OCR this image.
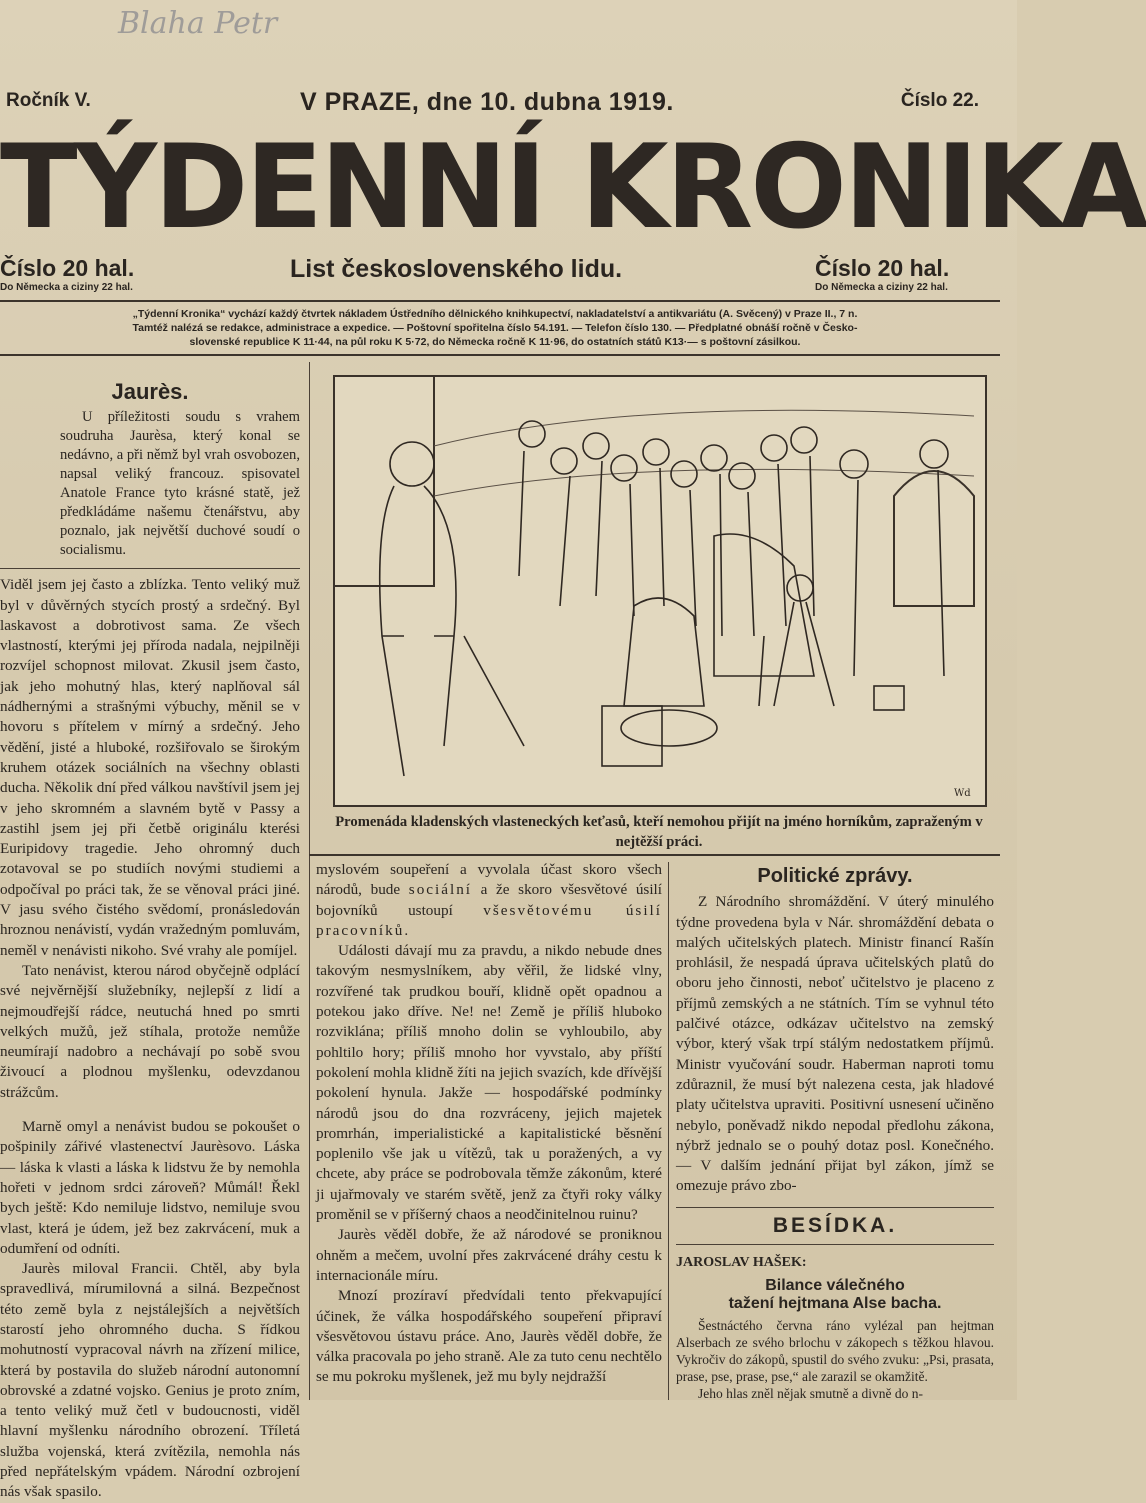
Blaha Petr
Ročník V.	V PRAZE, dne 10. dubna 1919.	Číslo 22.
TÝDENNÍ KRONIKA
Číslo 20 hal.
Do Německa a ciziny 22 hal.
List československého lidu.	Číslo 20 hal.
Do Německa a ciziny 22 hal.
„Týdenní Kronika“ vychází každý čtvrtek nákladem Ústředního dělnického knihkupectví, nakladatelství a antikvariátu (A. Svěcený) v Praze II., 7 n.
Tamtéž nalézá se redakce, administrace a expedice. — Poštovní spořitelna číslo 54.191. — Telefon číslo 130. — Předplatné obnáší ročně v Česko-
slovenské republice K 11·44, na půl roku K 5·72, do Německa ročně K 11·96, do ostatních států K13·— s poštovní zásilkou.
Jaurès.

U příležitosti soudu s vrahem soudruha Jaurèsa, který konal se nedávno, a při němž byl vrah osvobozen, napsal veliký francouz. spisovatel Anatole France tyto krásné statě, jež předkládáme našemu čtenářstvu, aby poznalo, jak největší duchové soudí o socialismu.

Viděl jsem jej často a zblízka. Tento veliký muž byl v důvěrných stycích prostý a srdečný. Byl laskavost a dobrotivost sama. Ze všech vlastností, kterými jej příroda nadala, nejpilněji rozvíjel schopnost milovat. Zkusil jsem často, jak jeho mohutný hlas, který naplňoval sál nádhernými a strašnými výbuchy, měnil se v hovoru s přítelem v mírný a srdečný. Jeho vědění, jisté a hluboké, rozšiřovalo se širokým kruhem otázek sociálních na všechny oblasti ducha. Několik dní před válkou navštívil jsem jej v jeho skromném a slavném bytě v Passy a zastihl jsem jej při četbě originálu kterési Euripidovy tragedie. Jeho ohromný duch zotavoval se po studiích novými studiemi a odpočíval po práci tak, že se věnoval práci jiné. V jasu svého čistého svědomí, pronásledován hroznou nenávistí, vydán vražedným pomluvám, neměl v nenávisti nikoho. Své vrahy ale pomíjel.

Tato nenávist, kterou národ obyčejně odplácí své nejvěrnější služebníky, nejlepší z lidí a nejmoudřejší rádce, neutuchá hned po smrti velkých mužů, jež stíhala, protože nemůže neumírají nadobro a nechávají po sobě svou živoucí a plodnou myšlenku, odevzdanou strážcům.

Marně omyl a nenávist budou se pokoušet o pošpinily zářivé vlastenectví Jaurèsovo. Láska — láska k vlasti a láska k lidstvu že by nemohla hořeti v jednom srdci zároveň? Můmál! Řekl bych ještě: Kdo nemiluje lidstvo, nemiluje svou vlast, která je údem, jež bez zakrvácení, muk a odumření od odníti.

Jaurès miloval Francii. Chtěl, aby byla spravedlivá, mírumilovná a silná. Bezpečnost této země byla z nejstálejších a největších starostí jeho ohromného ducha. S řídkou mohutností vypracoval návrh na zřízení milice, která by postavila do služeb národní autonomní obrovské a zdatné vojsko. Genius je proto zním, a tento veliký muž četl v budoucnosti, viděl hlavní myšlenku národního obrození. Tříletá služba vojenská, která zvítězila, nemohla nás před nepřátelským vpádem. Národní ozbrojení nás však spasilo.

Wd
Promenáda kladenských vlasteneckých keťasů, kteří nemohou přijít na jméno horníkům, zapraženým v nejtěžší práci.

myslovém soupeření a vyvolala účast skoro všech národů, bude sociální a že skoro všesvětové úsilí bojovníků ustoupí všesvětovému úsilí pracovníků.

Události dávají mu za pravdu, a nikdo nebude dnes takovým nesmyslníkem, aby věřil, že lidské vlny, rozvířené tak prudkou bouří, klidně opět opadnou a potekou jako dříve. Ne! ne! Země je příliš hluboko rozviklána; příliš mnoho dolin se vyhloubilo, aby pohltilo hory; příliš mnoho hor vyvstalo, aby příští pokolení mohla klidně žíti na jejich svazích, kde dřívější pokolení hynula. Jakže — hospodářské podmínky národů jsou do dna rozvráceny, jejich majetek promrhán, imperialistické a kapitalistické běsnění poplenilo vše jak u vítězů, tak u poražených, a vy chcete, aby práce se podrobovala těmže zákonům, které ji ujařmovaly ve starém světě, jenž za čtyři roky války proměnil se v příšerný chaos a neodčinitelnou ruinu?

Jaurès věděl dobře, že až národové se proniknou ohněm a mečem, uvolní přes zakrvácené dráhy cestu k internacionále míru.

Mnozí prozíraví předvídali tento překvapující účinek, že válka hospodářského soupeření připraví všesvětovou ústavu práce. Ano, Jaurès věděl dobře, že válka pracovala po jeho straně. Ale za tuto cenu nechtělo se mu pokroku myšlenek, jež mu byly nejdražší

Politické zprávy.

Z Národního shromáždění. V úterý minulého týdne provedena byla v Nár. shromáždění debata o malých učitelských platech. Ministr financí Rašín prohlásil, že nespadá úprava učitelských platů do oboru jeho činnosti, neboť učitelstvo je placeno z příjmů zemských a ne státních. Tím se vyhnul této palčivé otázce, odkázav učitelstvo na zemský výbor, který však trpí stálým nedostatkem příjmů. Ministr vyučování soudr. Haberman naproti tomu zdůraznil, že musí být nalezena cesta, jak hladové platy učitelstva upraviti. Positivní usnesení učiněno nebylo, poněvadž nikdo nepodal předlohu zákona, nýbrž jednalo se o pouhý dotaz posl. Konečného. — V dalším jednání přijat byl zákon, jímž se omezuje právo zbo-

BESÍDKA.
JAROSLAV HAŠEK:
Bilance válečného
tažení hejtmana Alse bacha.

Šestnáctého června ráno vylézal pan hejtman Alserbach ze svého brlochu v zákopech s těžkou hlavou. Vykročiv do zákopů, spustil do svého zvuku: „Psi, prasata, prase, pse, prase, pse,“ ale zarazil se okamžitě.

Jeho hlas zněl nějak smutně a divně do n-
